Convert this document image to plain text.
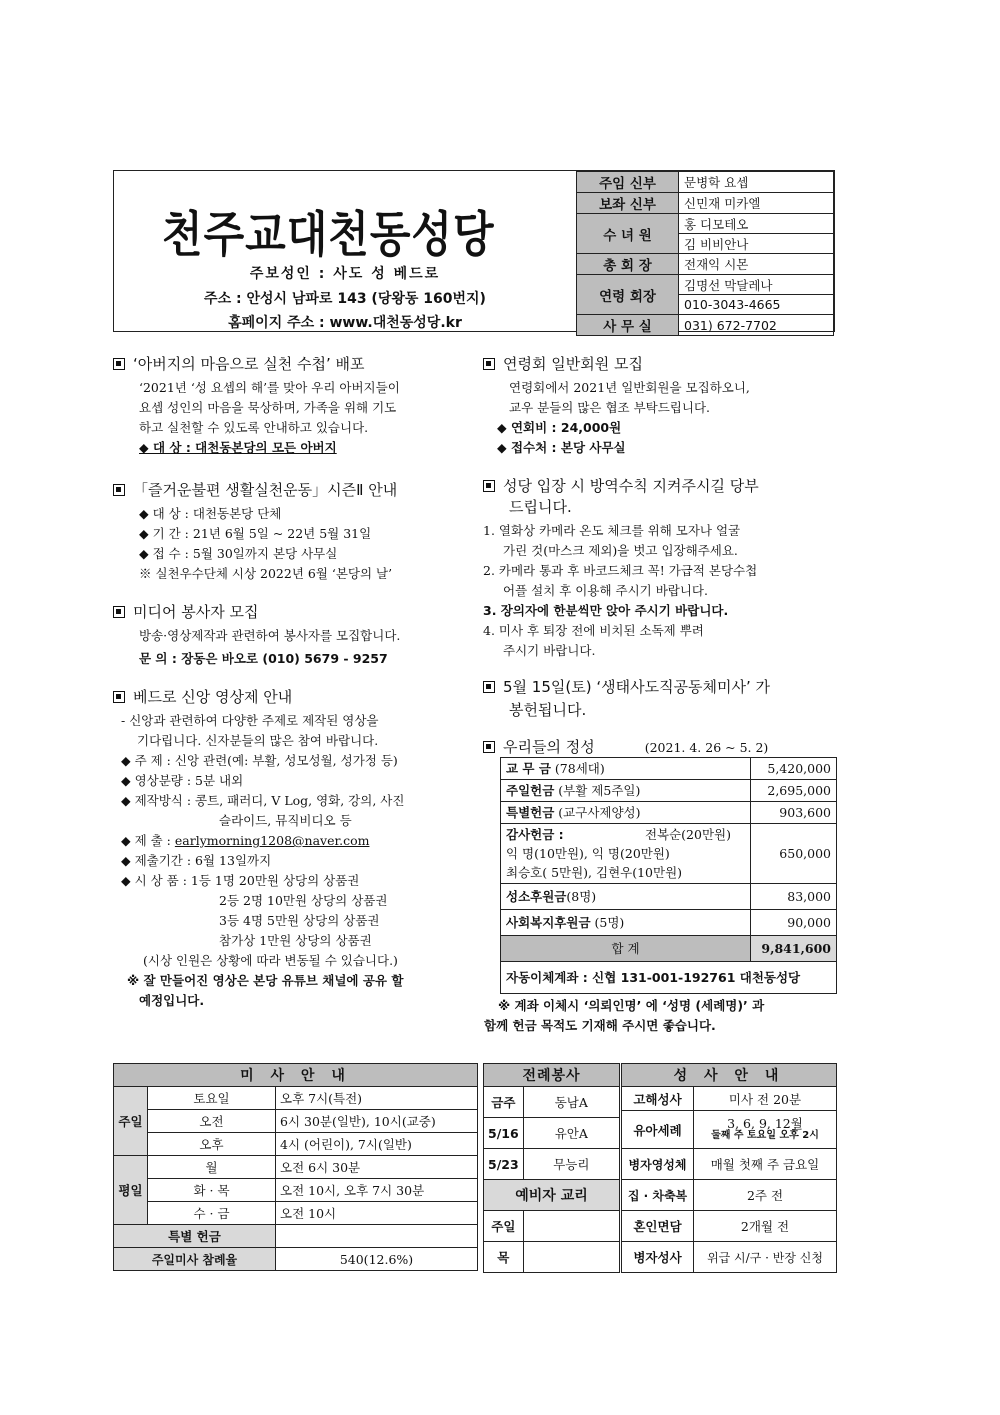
천주교대천동성당
주보성인 : 사도 성 베드로
주소 : 안성시 남파로 143 (당왕동 160번지)
홈페이지 주소 : www.대천동성당.kr
주임 신부	문병학 요셉
보좌 신부	신민재 미카엘
수 녀 원	홍 디모테오
	김 비비안나
총 회 장	전재익 시몬
연령 회장	김명선 막달레나
	010-3043-4665
사 무 실	031) 672-7702
‘아버지의 마음으로 실천 수첩’ 배포
‘2021년 ‘성 요셉의 해’를 맞아 우리 아버지들이
요셉 성인의 마음을 묵상하며, 가족을 위해 기도
하고 실천할 수 있도록 안내하고 있습니다.
◆ 대 상 : 대천동본당의 모든 아버지
「즐거운불편 생활실천운동」시즌Ⅱ 안내
◆ 대 상 : 대천동본당 단체
◆ 기 간 : 21년 6월 5일 ~ 22년 5월 31일
◆ 접 수 : 5월 30일까지 본당 사무실
※ 실천우수단체 시상 2022년 6월 ‘본당의 날’
미디어 봉사자 모집
방송·영상제작과 관련하여 봉사자를 모집합니다.
문 의 : 장동은 바오로 (010) 5679 - 9257
베드로 신앙 영상제 안내
- 신앙과 관련하여 다양한 주제로 제작된 영상을
기다립니다. 신자분들의 많은 참여 바랍니다.
◆ 주 제 : 신앙 관련(예: 부활, 성모성월, 성가정 등)
◆ 영상분량 : 5분 내외
◆ 제작방식 : 콩트, 패러디, V Log, 영화, 강의, 사진
슬라이드, 뮤직비디오 등
◆ 제 출 : earlymorning1208@naver.com
◆ 제출기간 : 6월 13일까지
◆ 시 상 품 : 1등 1명 20만원 상당의 상품권
2등 2명 10만원 상당의 상품권
3등 4명 5만원 상당의 상품권
참가상 1만원 상당의 상품권
(시상 인원은 상황에 따라 변동될 수 있습니다.)
※ 잘 만들어진 영상은 본당 유튜브 채널에 공유 할
예정입니다.
연령회 일반회원 모집
연령회에서 2021년 일반회원을 모집하오니,
교우 분들의 많은 협조 부탁드립니다.
◆ 연회비 : 24,000원
◆ 접수처 : 본당 사무실
성당 입장 시 방역수칙 지켜주시길 당부
드립니다.
1. 열화상 카메라 온도 체크를 위해 모자나 얼굴
가린 것(마스크 제외)을 벗고 입장해주세요.
2. 카메라 통과 후 바코드체크 꼭! 가급적 본당수첩
어플 설치 후 이용해 주시기 바랍니다.
3. 장의자에 한분씩만 앉아 주시기 바랍니다.
4. 미사 후 퇴장 전에 비치된 소독제 뿌려
주시기 바랍니다.
5월 15일(토) ‘생태사도직공동체미사’ 가
봉헌됩니다.
우리들의 정성	(2021. 4. 26 ~ 5. 2)
교 무 금 (78세대)	5,420,000
주일헌금 (부활 제5주일)	2,695,000
특별헌금 (교구사제양성)	903,600

감사헌금 : 전복순(20만원)
익 명(10만원), 익 명(20만원)
최승호( 5만원), 김현우(10만원)	650,000
성소후원금(8명)	83,000
사회복지후원금 (5명)	90,000
합 계	9,841,600
자동이체계좌 : 신협 131-001-192761 대천동성당	
※ 계좌 이체시 ‘의뢰인명’ 에 ‘성명 (세례명)’ 과
함께 헌금 목적도 기재해 주시면 좋습니다.
미 사 안 내		
주일	토요일	오후 7시(특전)
	오전	6시 30분(일반), 10시(교중)
	오후	4시 (어린이), 7시(일반)
평일	월	오전 6시 30분
	화 · 목	오전 10시, 오후 7시 30분
	수 · 금	오전 10시
특별 헌금		
주일미사 참례율		540(12.6%)
전례봉사	
금주	동남A
5/16	유안A
5/23	무능리
예비자 교리	
주일	
목	
성 사 안 내	
고해성사	미사 전 20분
유아세례	3, 6, 9, 12월
둘째 주 토요일 오후 2시

병자영성체	매월 첫째 주 금요일
집 · 차축복	2주 전
혼인면담	2개월 전
병자성사	위급 시/구 · 반장 신청
